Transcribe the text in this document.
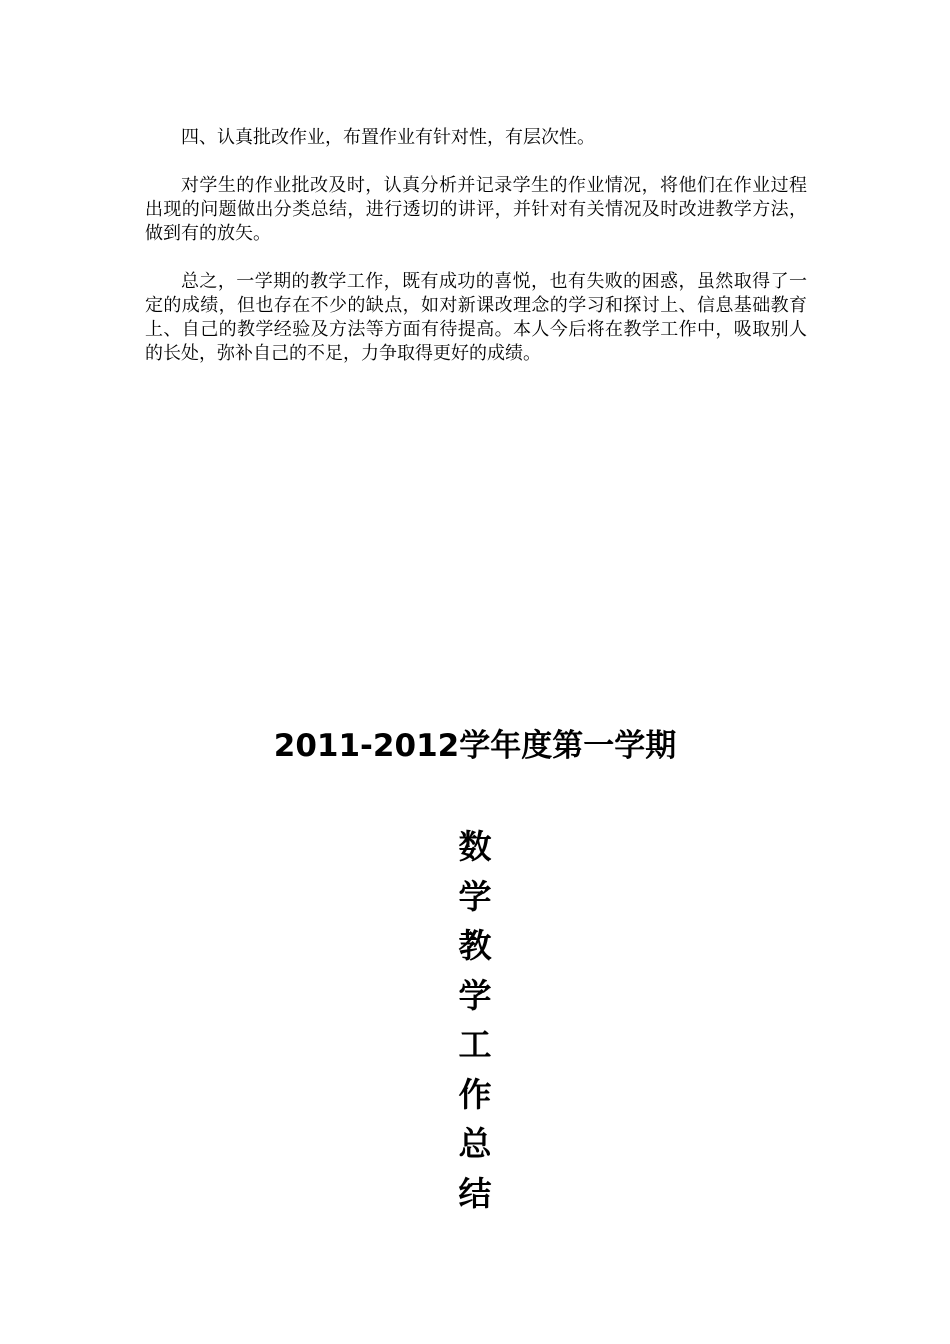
四、认真批改作业，布置作业有针对性，有层次性。

对学生的作业批改及时，认真分析并记录学生的作业情况，将他们在作业过程出现的问题做出分类总结，进行透切的讲评，并针对有关情况及时改进教学方法，做到有的放矢。

总之，一学期的教学工作，既有成功的喜悦，也有失败的困惑，虽然取得了一定的成绩，但也存在不少的缺点，如对新课改理念的学习和探讨上、信息基础教育上、自己的教学经验及方法等方面有待提高。本人今后将在教学工作中，吸取别人的长处，弥补自己的不足，力争取得更好的成绩。

2011-2012学年度第一学期
数学教学工作总结
